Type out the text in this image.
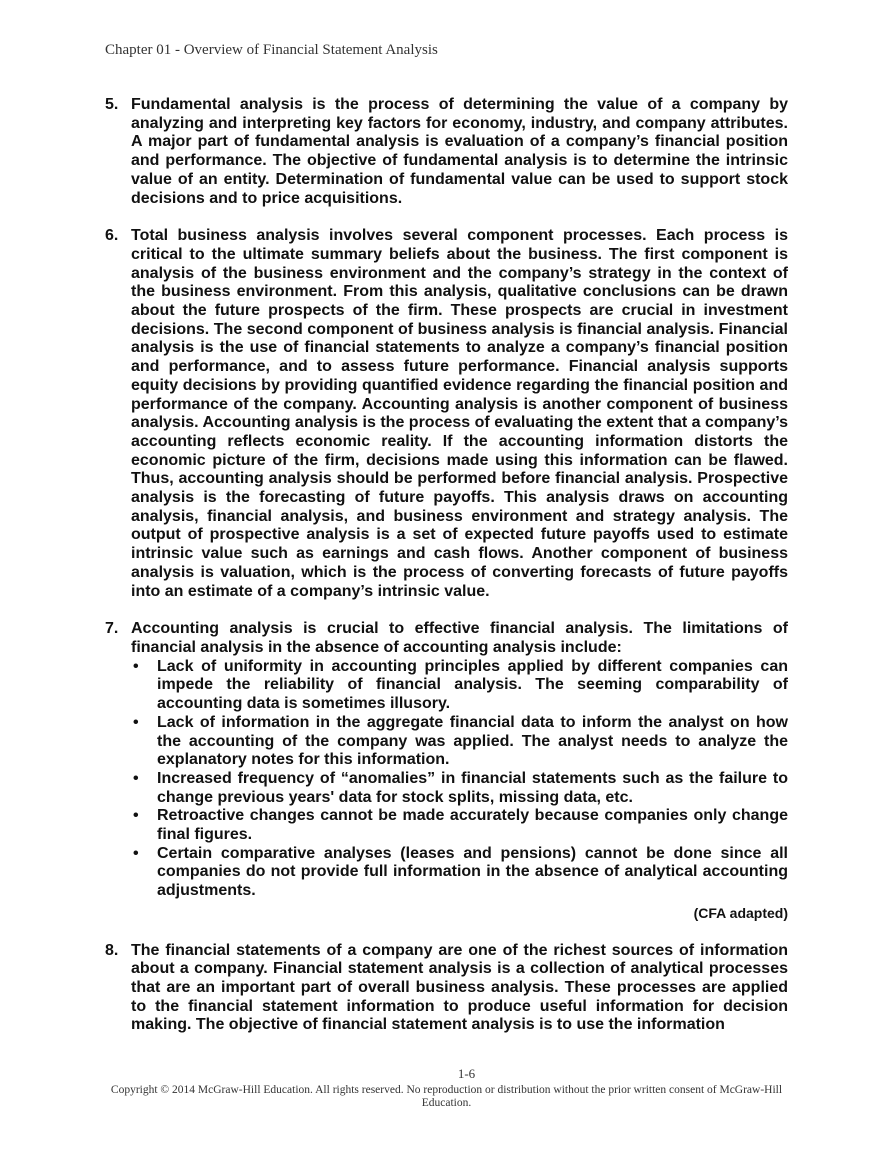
Chapter 01 - Overview of Financial Statement Analysis
5. Fundamental analysis is the process of determining the value of a company by analyzing and interpreting key factors for economy, industry, and company attributes. A major part of fundamental analysis is evaluation of a company’s financial position and performance. The objective of fundamental analysis is to determine the intrinsic value of an entity. Determination of fundamental value can be used to support stock decisions and to price acquisitions.

6. Total business analysis involves several component processes. Each process is critical to the ultimate summary beliefs about the business. The first component is analysis of the business environment and the company’s strategy in the context of the business environment. From this analysis, qualitative conclusions can be drawn about the future prospects of the firm. These prospects are crucial in investment decisions. The second component of business analysis is financial analysis. Financial analysis is the use of financial statements to analyze a company’s financial position and performance, and to assess future performance. Financial analysis supports equity decisions by providing quantified evidence regarding the financial position and performance of the company. Accounting analysis is another component of business analysis. Accounting analysis is the process of evaluating the extent that a company’s accounting reflects economic reality. If the accounting information distorts the economic picture of the firm, decisions made using this information can be flawed. Thus, accounting analysis should be performed before financial analysis. Prospective analysis is the forecasting of future payoffs. This analysis draws on accounting analysis, financial analysis, and business environment and strategy analysis. The output of prospective analysis is a set of expected future payoffs used to estimate intrinsic value such as earnings and cash flows. Another component of business analysis is valuation, which is the process of converting forecasts of future payoffs into an estimate of a company’s intrinsic value.

7. Accounting analysis is crucial to effective financial analysis. The limitations of financial analysis in the absence of accounting analysis include:

•	Lack of uniformity in accounting principles applied by different companies can impede the reliability of financial analysis. The seeming comparability of accounting data is sometimes illusory.
•	Lack of information in the aggregate financial data to inform the analyst on how the accounting of the company was applied. The analyst needs to analyze the explanatory notes for this information.
•	Increased frequency of “anomalies” in financial statements such as the failure to change previous years' data for stock splits, missing data, etc.
•	Retroactive changes cannot be made accurately because companies only change final figures.
•	Certain comparative analyses (leases and pensions) cannot be done since all companies do not provide full information in the absence of analytical accounting adjustments.
(CFA adapted)
8. The financial statements of a company are one of the richest sources of information about a company. Financial statement analysis is a collection of analytical processes that are an important part of overall business analysis. These processes are applied to the financial statement information to produce useful information for decision making. The objective of financial statement analysis is to use the information

1-6
Copyright © 2014 McGraw-Hill Education. All rights reserved. No reproduction or distribution without the prior written consent of McGraw-Hill Education.
